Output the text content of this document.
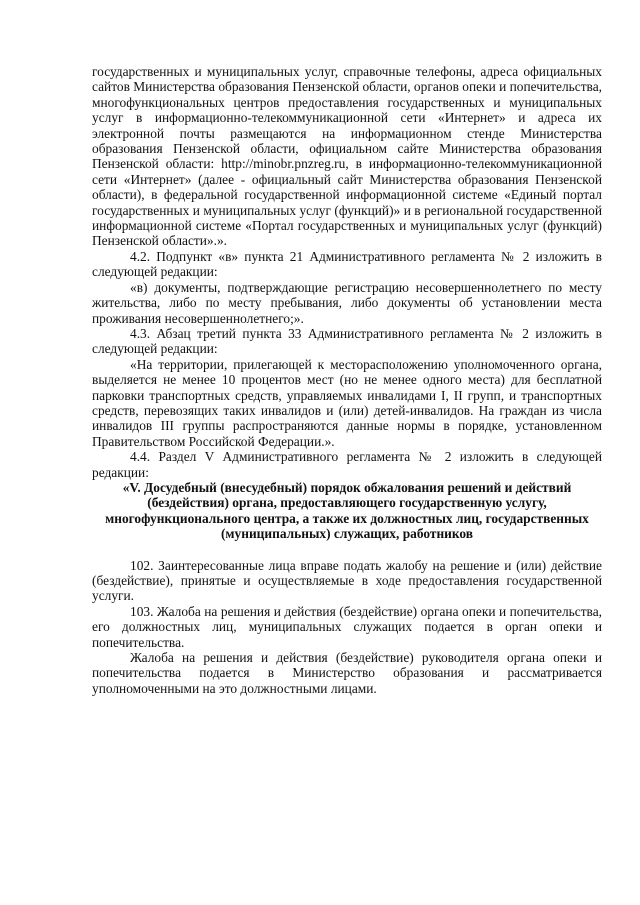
государственных и муниципальных услуг, справочные телефоны, адреса официальных сайтов Министерства образования Пензенской области, органов опеки и попечительства, многофункциональных центров предоставления государственных и муниципальных услуг в информационно-телекоммуникационной сети «Интернет» и адреса их электронной почты размещаются на информационном стенде Министерства образования Пензенской области, официальном сайте Министерства образования Пензенской области: http://minobr.pnzreg.ru, в информационно-телекоммуникационной сети «Интернет» (далее - официальный сайт Министерства образования Пензенской области), в федеральной государственной информационной системе «Единый портал государственных и муниципальных услуг (функций)» и в региональной государственной информационной системе «Портал государственных и муниципальных услуг (функций) Пензенской области».».

4.2. Подпункт «в» пункта 21 Административного регламента № 2 изложить в следующей редакции:

«в) документы, подтверждающие регистрацию несовершеннолетнего по месту жительства, либо по месту пребывания, либо документы об установлении места проживания несовершеннолетнего;».

4.3. Абзац третий пункта 33 Административного регламента № 2 изложить в следующей редакции:

«На территории, прилегающей к месторасположению уполномоченного органа, выделяется не менее 10 процентов мест (но не менее одного места) для бесплатной парковки транспортных средств, управляемых инвалидами I, II групп, и транспортных средств, перевозящих таких инвалидов и (или) детей-инвалидов. На граждан из числа инвалидов III группы распространяются данные нормы в порядке, установленном Правительством Российской Федерации.».

4.4. Раздел V Административного регламента № 2 изложить в следующей редакции:

«V. Досудебный (внесудебный) порядок обжалования решений и действий (бездействия) органа, предоставляющего государственную услугу, многофункционального центра, а также их должностных лиц, государственных (муниципальных) служащих, работников

102. Заинтересованные лица вправе подать жалобу на решение и (или) действие (бездействие), принятые и осуществляемые в ходе предоставления государственной услуги.

103. Жалоба на решения и действия (бездействие) органа опеки и попечительства, его должностных лиц, муниципальных служащих подается в орган опеки и попечительства.

Жалоба на решения и действия (бездействие) руководителя органа опеки и попечительства подается в Министерство образования и рассматривается уполномоченными на это должностными лицами.
